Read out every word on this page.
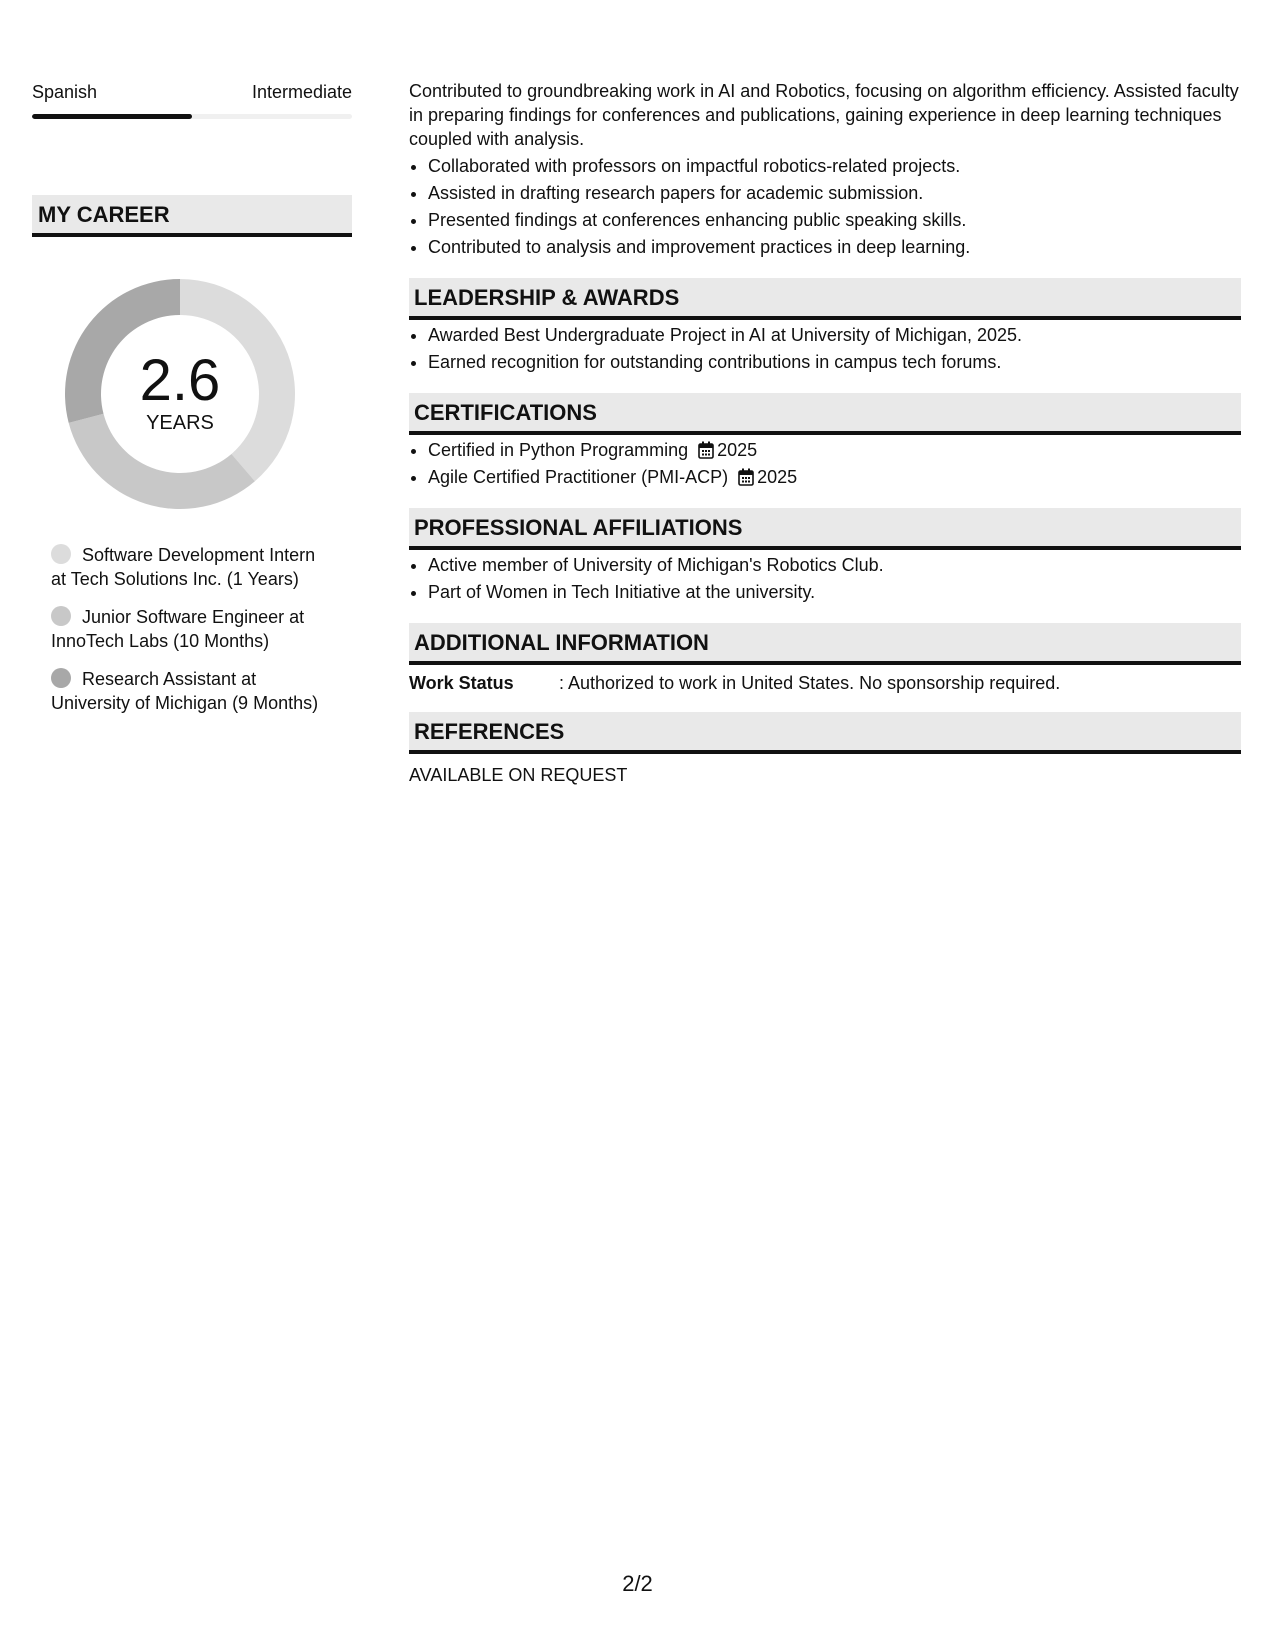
Spanish	Intermediate
MY CAREER
2.6
YEARS
Software Development Intern at Tech Solutions Inc. (1 Years)
Junior Software Engineer at InnoTech Labs (10 Months)
Research Assistant at University of Michigan (9 Months)

Contributed to groundbreaking work in AI and Robotics, focusing on algorithm efficiency. Assisted faculty in preparing findings for conferences and publications, gaining experience in deep learning techniques coupled with analysis.

• Collaborated with professors on impactful robotics-related projects.
• Assisted in drafting research papers for academic submission.
• Presented findings at conferences enhancing public speaking skills.
• Contributed to analysis and improvement practices in deep learning.
LEADERSHIP & AWARDS
• Awarded Best Undergraduate Project in AI at University of Michigan, 2025.
• Earned recognition for outstanding contributions in campus tech forums.
CERTIFICATIONS
• Certified in Python Programming 2025
• Agile Certified Practitioner (PMI-ACP) 2025
PROFESSIONAL AFFILIATIONS
• Active member of University of Michigan's Robotics Club.
• Part of Women in Tech Initiative at the university.
ADDITIONAL INFORMATION
Work Status	: Authorized to work in United States. No sponsorship required.
REFERENCES
AVAILABLE ON REQUEST
2/2
